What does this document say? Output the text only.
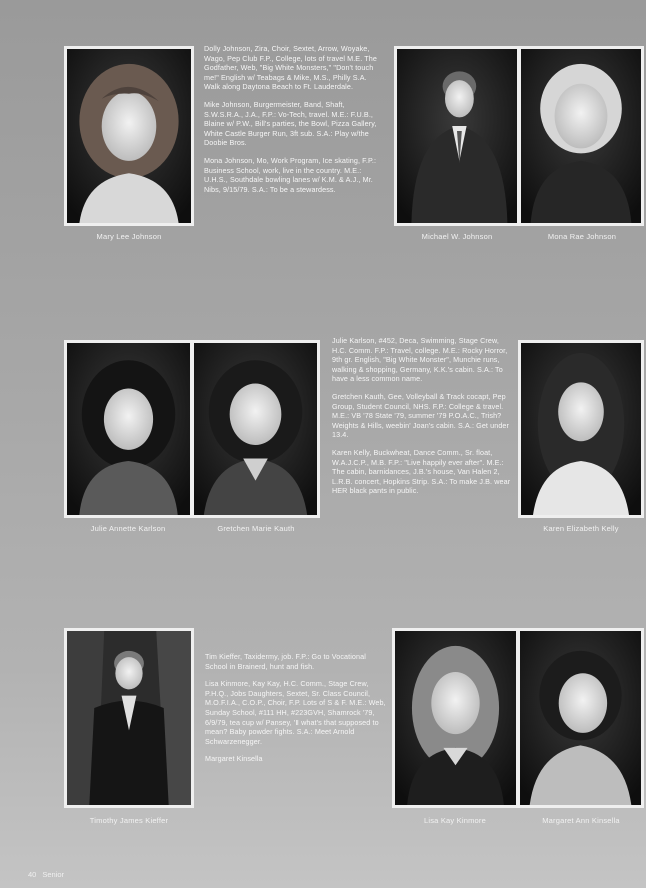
Mary Lee Johnson

Dolly Johnson, Zira, Choir, Sextet, Arrow, Woyake, Wago, Pep Club F.P., College, lots of travel M.E. The Godfather, Web, "Big White Monsters," "Don't touch me!" English w/ Teabags & Mike, M.S., Philly S.A. Walk along Daytona Beach to Ft. Lauderdale.

Mike Johnson, Burgermeister, Band, Shaft, S.W.S.R.A., J.A., F.P.: Vo-Tech, travel. M.E.: F.U.B., Blaine w/ P.W., Bill's parties, the Bowl, Pizza Gallery, White Castle Burger Run, 3ft sub. S.A.: Play w/the Doobie Bros.

Mona Johnson, Mo, Work Program, Ice skating, F.P.: Business School, work, live in the country. M.E.: U.H.S., Southdale bowling lanes w/ K.M. & A.J., Mr. Nibs, 9/15/79. S.A.: To be a stewardess.

Michael W. Johnson	Mona Rae Johnson
Julie Annette Karlson	Gretchen Marie Kauth

Julie Karlson, #452, Deca, Swimming, Stage Crew, H.C. Comm. F.P.: Travel, college. M.E.: Rocky Horror, 9th gr. English, "Big White Monster", Munchie runs, walking & shopping, Germany, K.K.'s cabin. S.A.: To have a less common name.

Gretchen Kauth, Gee, Volleyball & Track cocapt, Pep Group, Student Council, NHS. F.P.: College & travel. M.E.: VB '78 State '79, summer '79 P.O.A.C., Trish? Weights & Hills, weebin' Joan's cabin. S.A.: Get under 13.4.

Karen Kelly, Buckwheat, Dance Comm., Sr. float, W.A.J.C.P., M.B. F.P.: "Live happily ever after". M.E.: The cabin, barnidances, J.B.'s house, Van Halen 2, L.R.B. concert, Hopkins Strip. S.A.: To make J.B. wear HER black pants in public.

Karen Elizabeth Kelly
Timothy James Kieffer

Tim Kieffer, Taxidermy, job. F.P.: Go to Vocational School in Brainerd, hunt and fish.

Lisa Kinmore, Kay Kay, H.C. Comm., Stage Crew, P.H.Q., Jobs Daughters, Sextet, Sr. Class Council, M.O.F.I.A., C.O.P., Choir, F.P. Lots of S & F. M.E.: Web, Sunday School, #111 HH, #223GVH, Shamrock '79, 6/9/79, tea cup w/ Pansey, 'Ⅱ what's that supposed to mean? Baby powder fights. S.A.: Meet Arnold Schwarzenegger.

Margaret Kinsella

Lisa Kay Kinmore	Margaret Ann Kinsella
40 Senior
